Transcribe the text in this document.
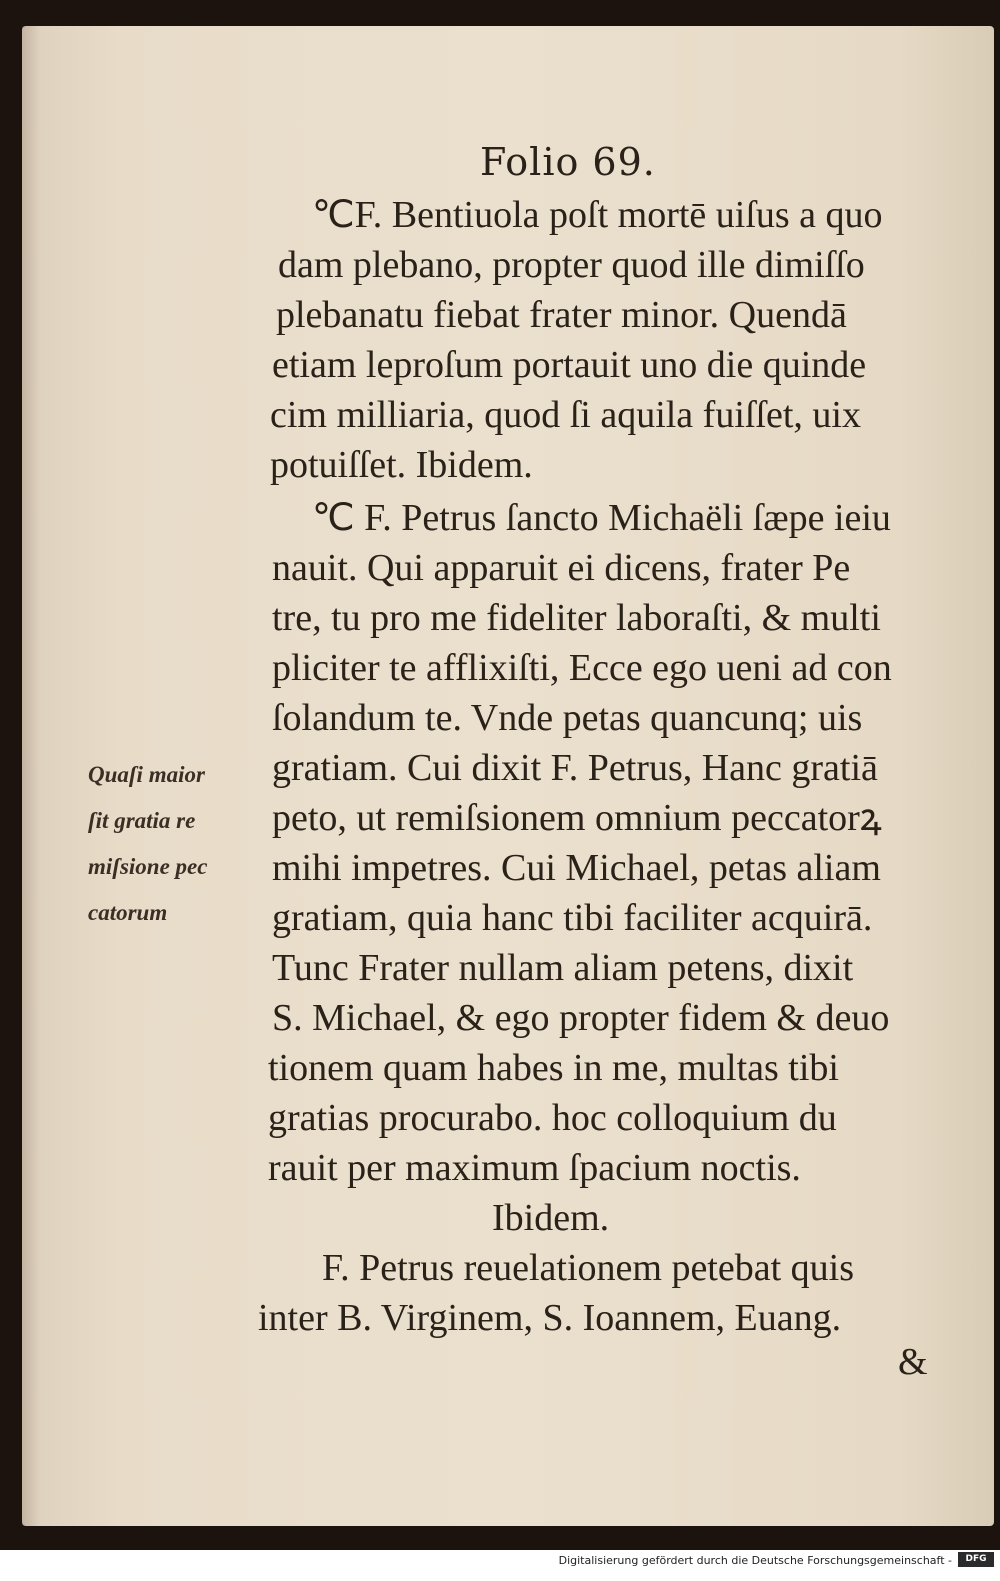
Folio 69.
℃F. Bentiuola poſt mortē uiſus a quo
dam plebano, propter quod ille dimiſſo
plebanatu fiebat frater minor. Quendā
etiam leproſum portauit uno die quinde
cim milliaria, quod ſi aquila fuiſſet, uix
potuiſſet. Ibidem.
℃ F. Petrus ſancto Michaëli ſæpe ieiu
nauit. Qui apparuit ei dicens, frater Pe
tre, tu pro me fideliter laboraſti, & multi
pliciter te afflixiſti, Ecce ego ueni ad con
ſolandum te. Vnde petas quancunq; uis
gratiam. Cui dixit F. Petrus, Hanc gratiā
peto, ut remiſsionem omnium peccatorꝝ
mihi impetres. Cui Michael, petas aliam
gratiam, quia hanc tibi faciliter acquirā.
Tunc Frater nullam aliam petens, dixit
S. Michael, & ego propter fidem & deuo
tionem quam habes in me, multas tibi
gratias procurabo. hoc colloquium du
rauit per maximum ſpacium noctis.
Ibidem.
F. Petrus reuelationem petebat quis
inter B. Virginem, S. Ioannem, Euang.
&
Quaſi maior
ſit gratia re
miſsione pec
catorum
Digitalisierung gefördert durch die Deutsche Forschungsgemeinschaft -	DFG
